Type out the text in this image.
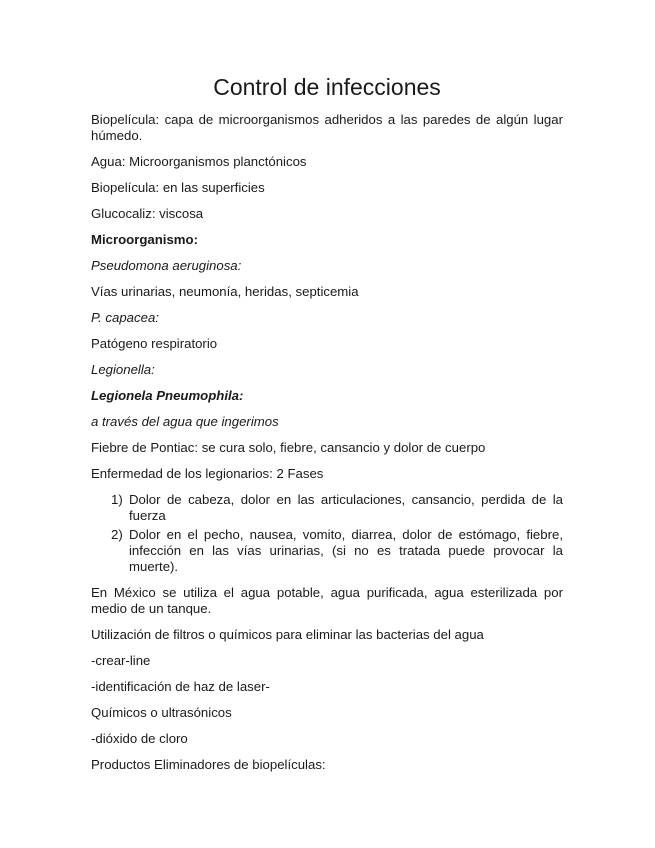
Control de infecciones

Biopelícula: capa de microorganismos adheridos a las paredes de algún lugar húmedo.

Agua: Microorganismos planctónicos

Biopelícula: en las superficies

Glucocaliz: viscosa

Microorganismo:

Pseudomona aeruginosa:

Vías urinarias, neumonía, heridas, septicemia

P. capacea:

Patógeno respiratorio

Legionella:

Legionela Pneumophila:

a través del agua que ingerimos

Fiebre de Pontiac: se cura solo, fiebre, cansancio y dolor de cuerpo

Enfermedad de los legionarios: 2 Fases

1) Dolor de cabeza, dolor en las articulaciones, cansancio, perdida de la fuerza
2) Dolor en el pecho, nausea, vomito, diarrea, dolor de estómago, fiebre, infección en las vías urinarias, (si no es tratada puede provocar la muerte).

En México se utiliza el agua potable, agua purificada, agua esterilizada por medio de un tanque.

Utilización de filtros o químicos para eliminar las bacterias del agua

-crear-line

-identificación de haz de laser-

Químicos o ultrasónicos

-dióxido de cloro

Productos Eliminadores de biopelículas:
